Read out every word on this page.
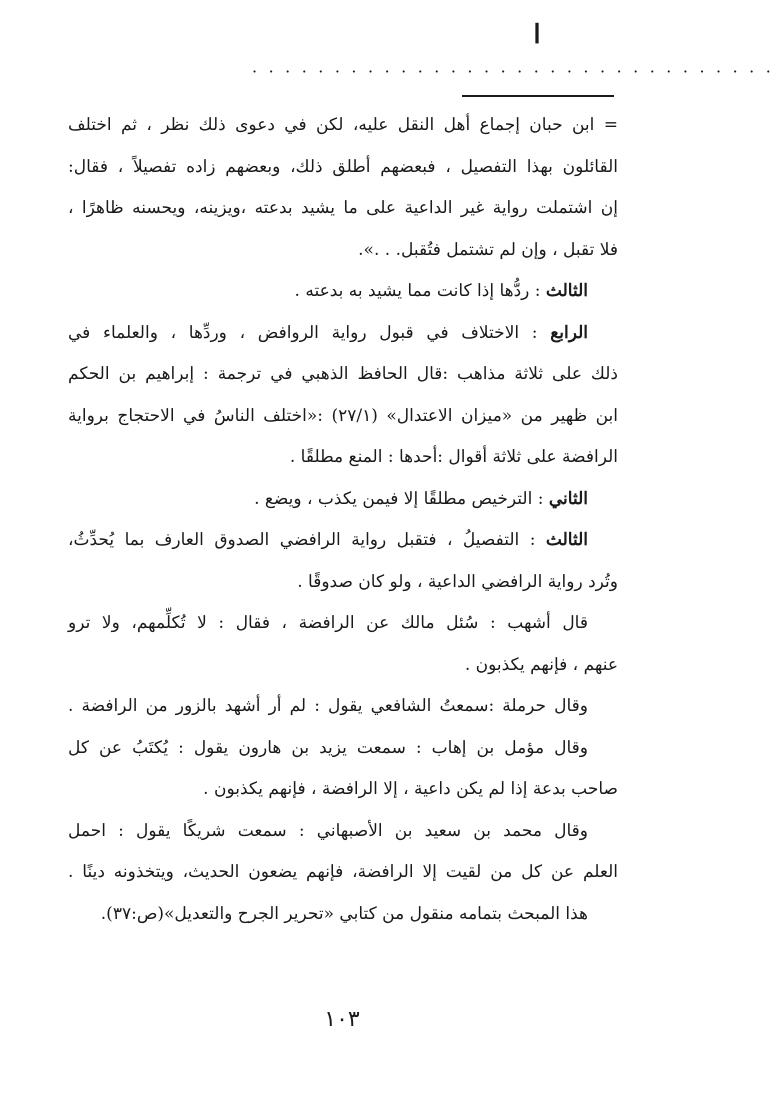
ا
· · · · · · · · · · · · · · · · · · · · · · · · · · · · · · · ·
= ابن حبان إجماع أهل النقل عليه، لكن في دعوى ذلك نظر ، ثم اختلف
القائلون بهذا التفصيل ، فبعضهم أطلق ذلك، وبعضهم زاده تفصيلاً ، فقال:
إن اشتملت رواية غير الداعية على ما يشيد بدعته ،ويزينه، ويحسنه ظاهرًا ،
فلا تقبل ، وإن لم تشتمل فتُقبل. . .».
الثالث : ردُّها إذا كانت مما يشيد به بدعته .
الرابع : الاختلاف في قبول رواية الروافض ، وردِّها ، والعلماء في
ذلك على ثلاثة مذاهب :قال الحافظ الذهبي في ترجمة : إبراهيم بن الحكم
ابن ظهير من «ميزان الاعتدال» (٢٧/١) :«اختلف الناسُ في الاحتجاج برواية
الرافضة على ثلاثة أقوال :أحدها : المنع مطلقًا .
الثاني : الترخيص مطلقًا إلا فيمن يكذب ، ويضع .
الثالث : التفصيلُ ، فتقبل رواية الرافضي الصدوق العارف بما يُحدِّثُ،
وتُرد رواية الرافضي الداعية ، ولو كان صدوقًا .
قال أشهب : سُئل مالك عن الرافضة ، فقال : لا تُكلِّمهم، ولا ترو
عنهم ، فإنهم يكذبون .
وقال حرملة :سمعتُ الشافعي يقول : لم أر أشهد بالزور من الرافضة .
وقال مؤمل بن إهاب : سمعت يزيد بن هارون يقول : يُكتَبُ عن كل
صاحب بدعة إذا لم يكن داعية ، إلا الرافضة ، فإنهم يكذبون .
وقال محمد بن سعيد بن الأصبهاني : سمعت شريكًا يقول : احمل
العلم عن كل من لقيت إلا الرافضة، فإنهم يضعون الحديث، ويتخذونه دينًا .
هذا المبحث بتمامه منقول من كتابي «تحرير الجرح والتعديل»(ص:٣٧).
١٠٣
